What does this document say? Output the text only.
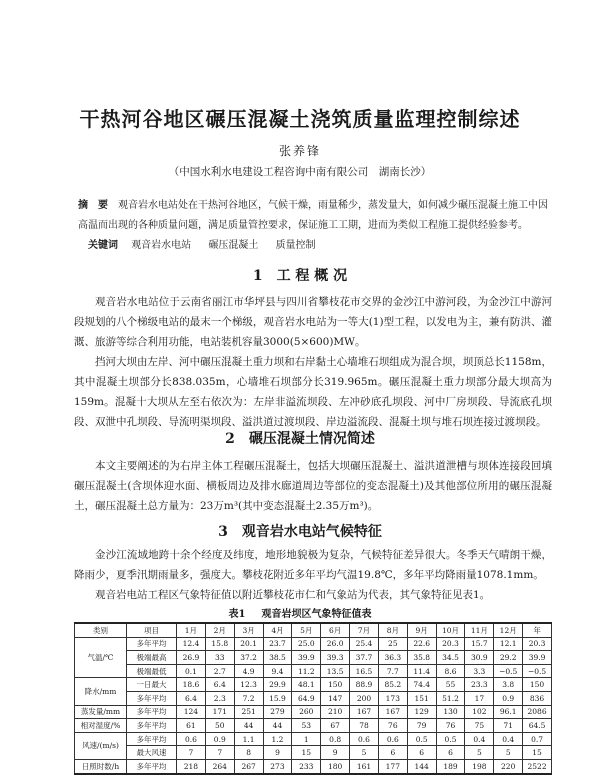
干热河谷地区碾压混凝土浇筑质量监理控制综述
张养锋
（中国水利水电建设工程咨询中南有限公司　湖南长沙）
摘　要 观音岩水电站处在干热河谷地区，气候干燥，雨量稀少，蒸发量大，如何减少碾压混凝土施工中因高温而出现的各种质量问题，满足质量管控要求，保证施工工期，进而为类似工程施工提供经验参考。
关键词 观音岩水电站 碾压混凝土 质量控制
1 工 程 概 况

观音岩水电站位于云南省丽江市华坪县与四川省攀枝花市交界的金沙江中游河段，为金沙江中游河段规划的八个梯级电站的最末一个梯级，观音岩水电站为一等大(1)型工程，以发电为主，兼有防洪、灌溉、旅游等综合利用功能，电站装机容量3000(5×600)MW。

挡河大坝由左岸、河中碾压混凝土重力坝和右岸黏土心墙堆石坝组成为混合坝，坝顶总长1158m，其中混凝土坝部分长838.035m，心墙堆石坝部分长319.965m。碾压混凝土重力坝部分最大坝高为159m。混凝十大坝从左至右依次为：左岸非溢流坝段、左冲砂底孔坝段、河中厂房坝段、导流底孔坝段、双泄中孔坝段、导流明渠坝段、溢洪道过渡坝段、岸边溢流段、混凝土坝与堆石坝连接过渡坝段。

2 碾压混凝土情况简述

本文主要阐述的为右岸主体工程碾压混凝土，包括大坝碾压混凝土、溢洪道泄槽与坝体连接段回填碾压混凝土(含坝体迎水面、横板周边及排水廊道周边等部位的变态混凝土)及其他部位所用的碾压混凝土，碾压混凝土总方量为：23万m³(其中变态混凝土2.35万m³)。

3 观音岩水电站气候特征

金沙江流域地跨十余个经度及纬度，地形地貌极为复杂，气候特征差异很大。冬季天气晴朗干燥，降雨少，夏季汛期雨量多，强度大。攀枝花附近多年平均气温19.8℃，多年平均降雨量1078.1mm。

观音岩电站工程区气象特征值以附近攀枝花市仁和气象站为代表，其气象特征见表1。

表1 观音岩坝区气象特征值表
类别	项目	1月	2月	3月	4月	5月	6月	7月	8月	9月	10月	11月	12月	年
气温/℃	多年平均	12.4	15.8	20.1	23.7	25.0	26.0	25.4	25	22.6	20.3	15.7	12.1	20.3
	极端最高	26.9	33	37.2	38.5	39.9	39.3	37.7	36.3	35.8	34.5	30.9	29.2	39.9
	极端最低	0.1	2.7	4.9	9.4	11.2	13.5	16.5	7.7	11.4	8.6	3.3	−0.5	−0.5
降水/mm	一日最大	18.6	6.4	12.3	29.9	48.1	150	88.9	85.2	74.4	55	23.3	3.8	150
	多年平均	6.4	2.3	7.2	15.9	64.9	147	200	173	151	51.2	17	0.9	836
蒸发量/mm	多年平均	124	171	251	279	260	210	167	167	129	130	102	96.1	2086
相对湿度/%	多年平均	61	50	44	44	53	67	78	76	79	76	75	71	64.5
风速/(m/s)	多年平均	0.6	0.9	1.1	1.2	1	0.8	0.6	0.6	0.5	0.5	0.4	0.4	0.7
	最大风速	7	7	8	9	15	9	5	6	6	6	5	5	15
日照时数/h	多年平均	218	264	267	273	233	180	161	177	144	189	198	220	2522
